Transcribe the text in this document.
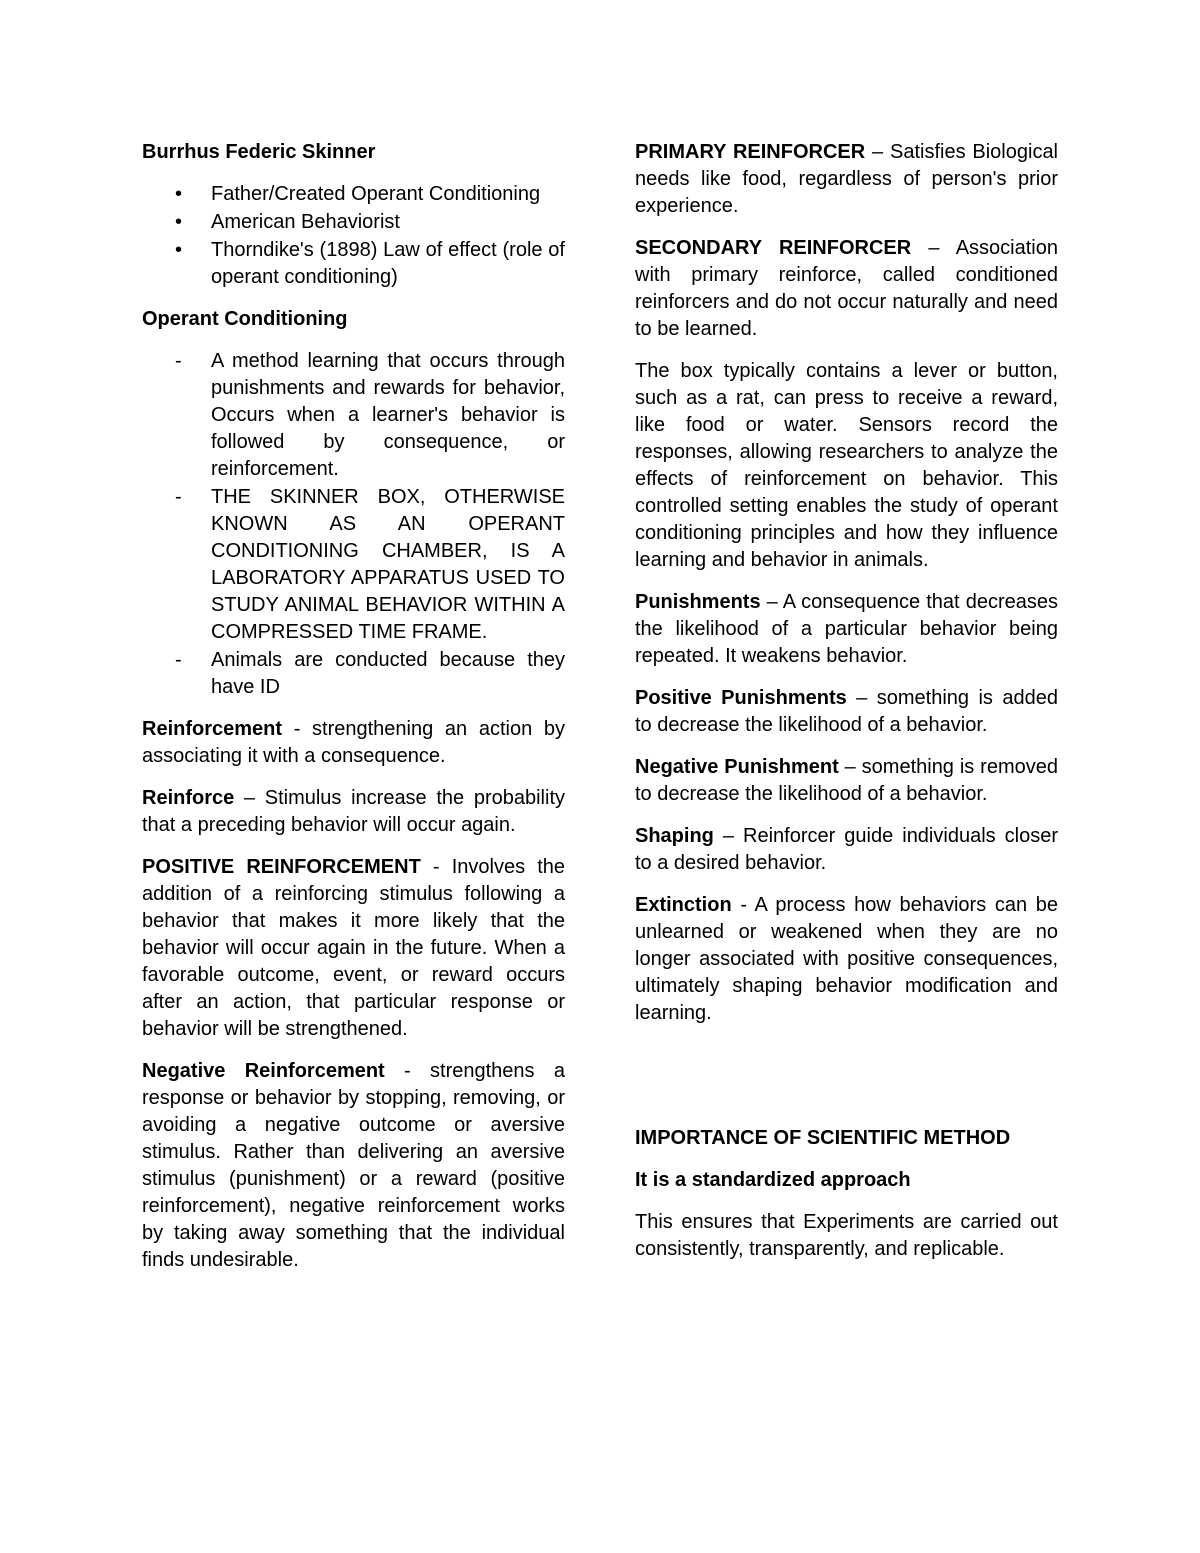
Burrhus Federic Skinner
• Father/Created Operant Conditioning
• American Behaviorist
• Thorndike's (1898) Law of effect (role of operant conditioning)
Operant Conditioning
- A method learning that occurs through punishments and rewards for behavior, Occurs when a learner's behavior is followed by consequence, or reinforcement.
- THE SKINNER BOX, OTHERWISE KNOWN AS AN OPERANT CONDITIONING CHAMBER, IS A LABORATORY APPARATUS USED TO STUDY ANIMAL BEHAVIOR WITHIN A COMPRESSED TIME FRAME.
- Animals are conducted because they have ID

Reinforcement - strengthening an action by associating it with a consequence.

Reinforce – Stimulus increase the probability that a preceding behavior will occur again.

POSITIVE REINFORCEMENT - Involves the addition of a reinforcing stimulus following a behavior that makes it more likely that the behavior will occur again in the future. When a favorable outcome, event, or reward occurs after an action, that particular response or behavior will be strengthened.

Negative Reinforcement - strengthens a response or behavior by stopping, removing, or avoiding a negative outcome or aversive stimulus. Rather than delivering an aversive stimulus (punishment) or a reward (positive reinforcement), negative reinforcement works by taking away something that the individual finds undesirable.

PRIMARY REINFORCER – Satisfies Biological needs like food, regardless of person's prior experience.

SECONDARY REINFORCER – Association with primary reinforce, called conditioned reinforcers and do not occur naturally and need to be learned.

The box typically contains a lever or button, such as a rat, can press to receive a reward, like food or water. Sensors record the responses, allowing researchers to analyze the effects of reinforcement on behavior. This controlled setting enables the study of operant conditioning principles and how they influence learning and behavior in animals.

Punishments – A consequence that decreases the likelihood of a particular behavior being repeated. It weakens behavior.

Positive Punishments – something is added to decrease the likelihood of a behavior.

Negative Punishment – something is removed to decrease the likelihood of a behavior.

Shaping – Reinforcer guide individuals closer to a desired behavior.

Extinction - A process how behaviors can be unlearned or weakened when they are no longer associated with positive consequences, ultimately shaping behavior modification and learning.

IMPORTANCE OF SCIENTIFIC METHOD
It is a standardized approach

This ensures that Experiments are carried out consistently, transparently, and replicable.
